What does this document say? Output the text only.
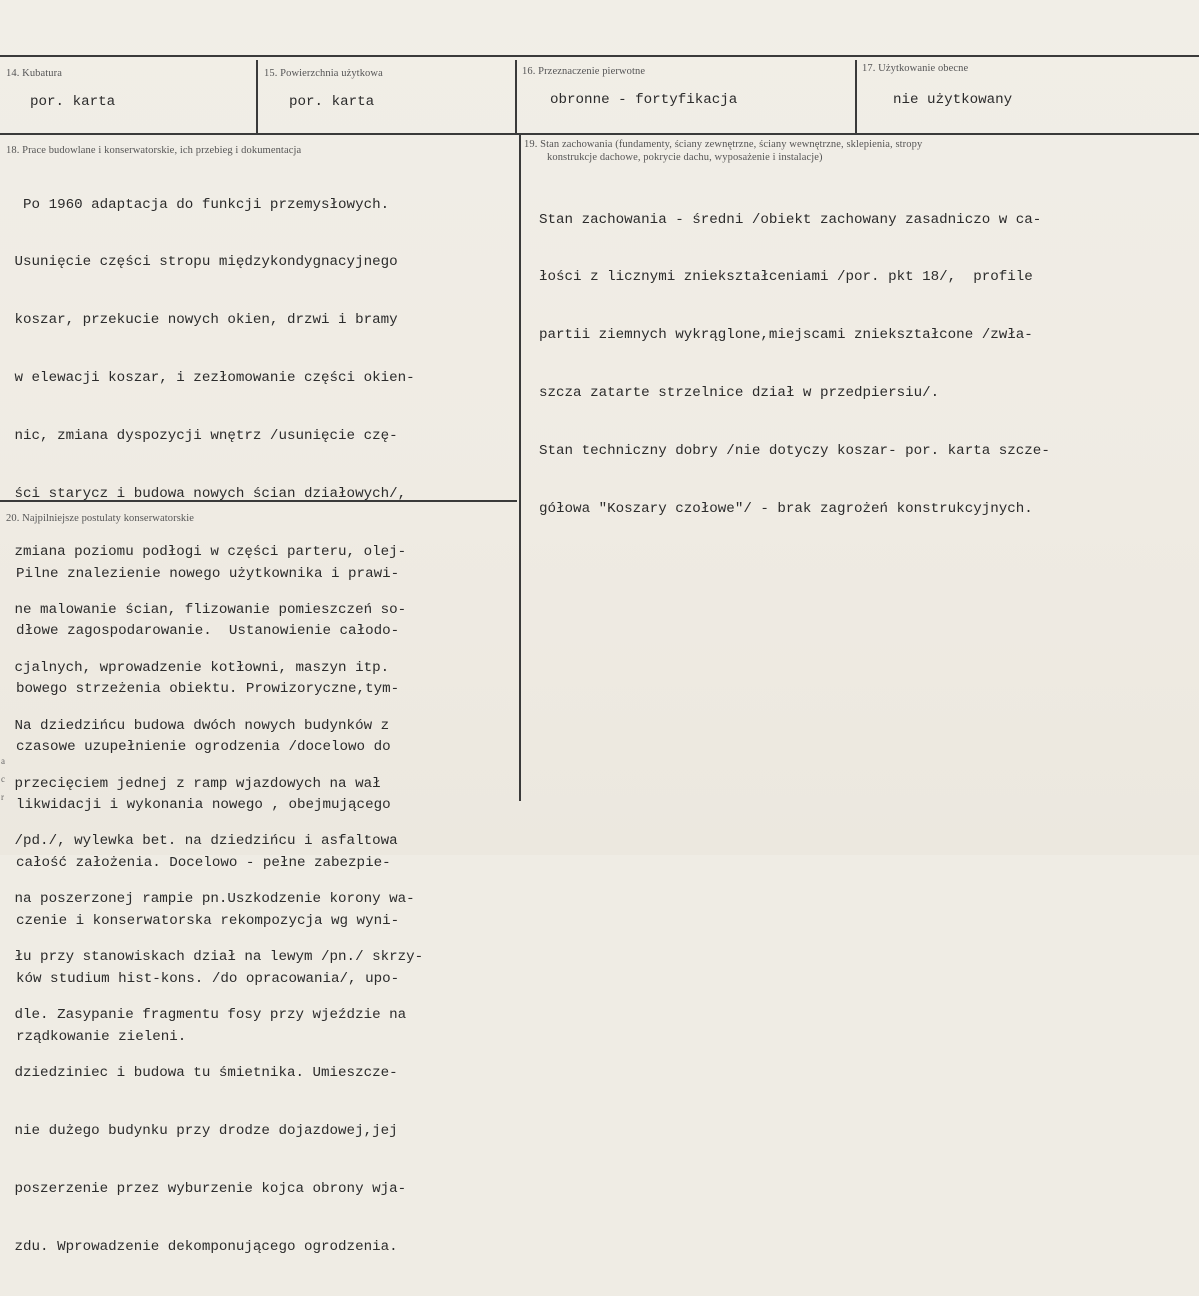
14. Kubatura
por. karta
15. Powierzchnia użytkowa
por. karta
16. Przeznaczenie pierwotne
obronne - fortyfikacja
17. Użytkowanie obecne
nie użytkowany
18. Prace budowlane i konserwatorskie, ich przebieg i dokumentacja

Po 1960 adaptacja do funkcji przemysłowych.

Usunięcie części stropu międzykondygnacyjnego

koszar, przekucie nowych okien, drzwi i bramy

w elewacji koszar, i zezłomowanie części okien-

nic, zmiana dyspozycji wnętrz /usunięcie czę-

ści starycz i budowa nowych ścian działowych/,

zmiana poziomu podłogi w części parteru, olej-

ne malowanie ścian, flizowanie pomieszczeń so-

cjalnych, wprowadzenie kotłowni, maszyn itp.

Na dziedzińcu budowa dwóch nowych budynków z

przecięciem jednej z ramp wjazdowych na wał

/pd./, wylewka bet. na dziedzińcu i asfaltowa

na poszerzonej rampie pn.Uszkodzenie korony wa-

łu przy stanowiskach dział na lewym /pn./ skrzy-

dle. Zasypanie fragmentu fosy przy wjeździe na

dziedziniec i budowa tu śmietnika. Umieszcze-

nie dużego budynku przy drodze dojazdowej,jej

poszerzenie przez wyburzenie kojca obrony wja-

zdu. Wprowadzenie dekomponującego ogrodzenia.

19. Stan zachowania (fundamenty, ściany zewnętrzne, ściany wewnętrzne, sklepienia, stropy
konstrukcje dachowe, pokrycie dachu, wyposażenie i instalacje)

Stan zachowania - średni /obiekt zachowany zasadniczo w ca-

łości z licznymi zniekształceniami /por. pkt 18/,  profile

partii ziemnych wykrąglone,miejscami zniekształcone /zwła-

szcza zatarte strzelnice dział w przedpiersiu/.

Stan techniczny dobry /nie dotyczy koszar- por. karta szcze-

gółowa "Koszary czołowe"/ - brak zagrożeń konstrukcyjnych.

20. Najpilniejsze postulaty konserwatorskie

Pilne znalezienie nowego użytkownika i prawi-

dłowe zagospodarowanie.  Ustanowienie całodo-

bowego strzeżenia obiektu. Prowizoryczne,tym-

czasowe uzupełnienie ogrodzenia /docelowo do

likwidacji i wykonania nowego , obejmującego

całość założenia. Docelowo - pełne zabezpie-

czenie i konserwatorska rekompozycja wg wyni-

ków studium hist-kons. /do opracowania/, upo-

rządkowanie zieleni.

a
c
r
